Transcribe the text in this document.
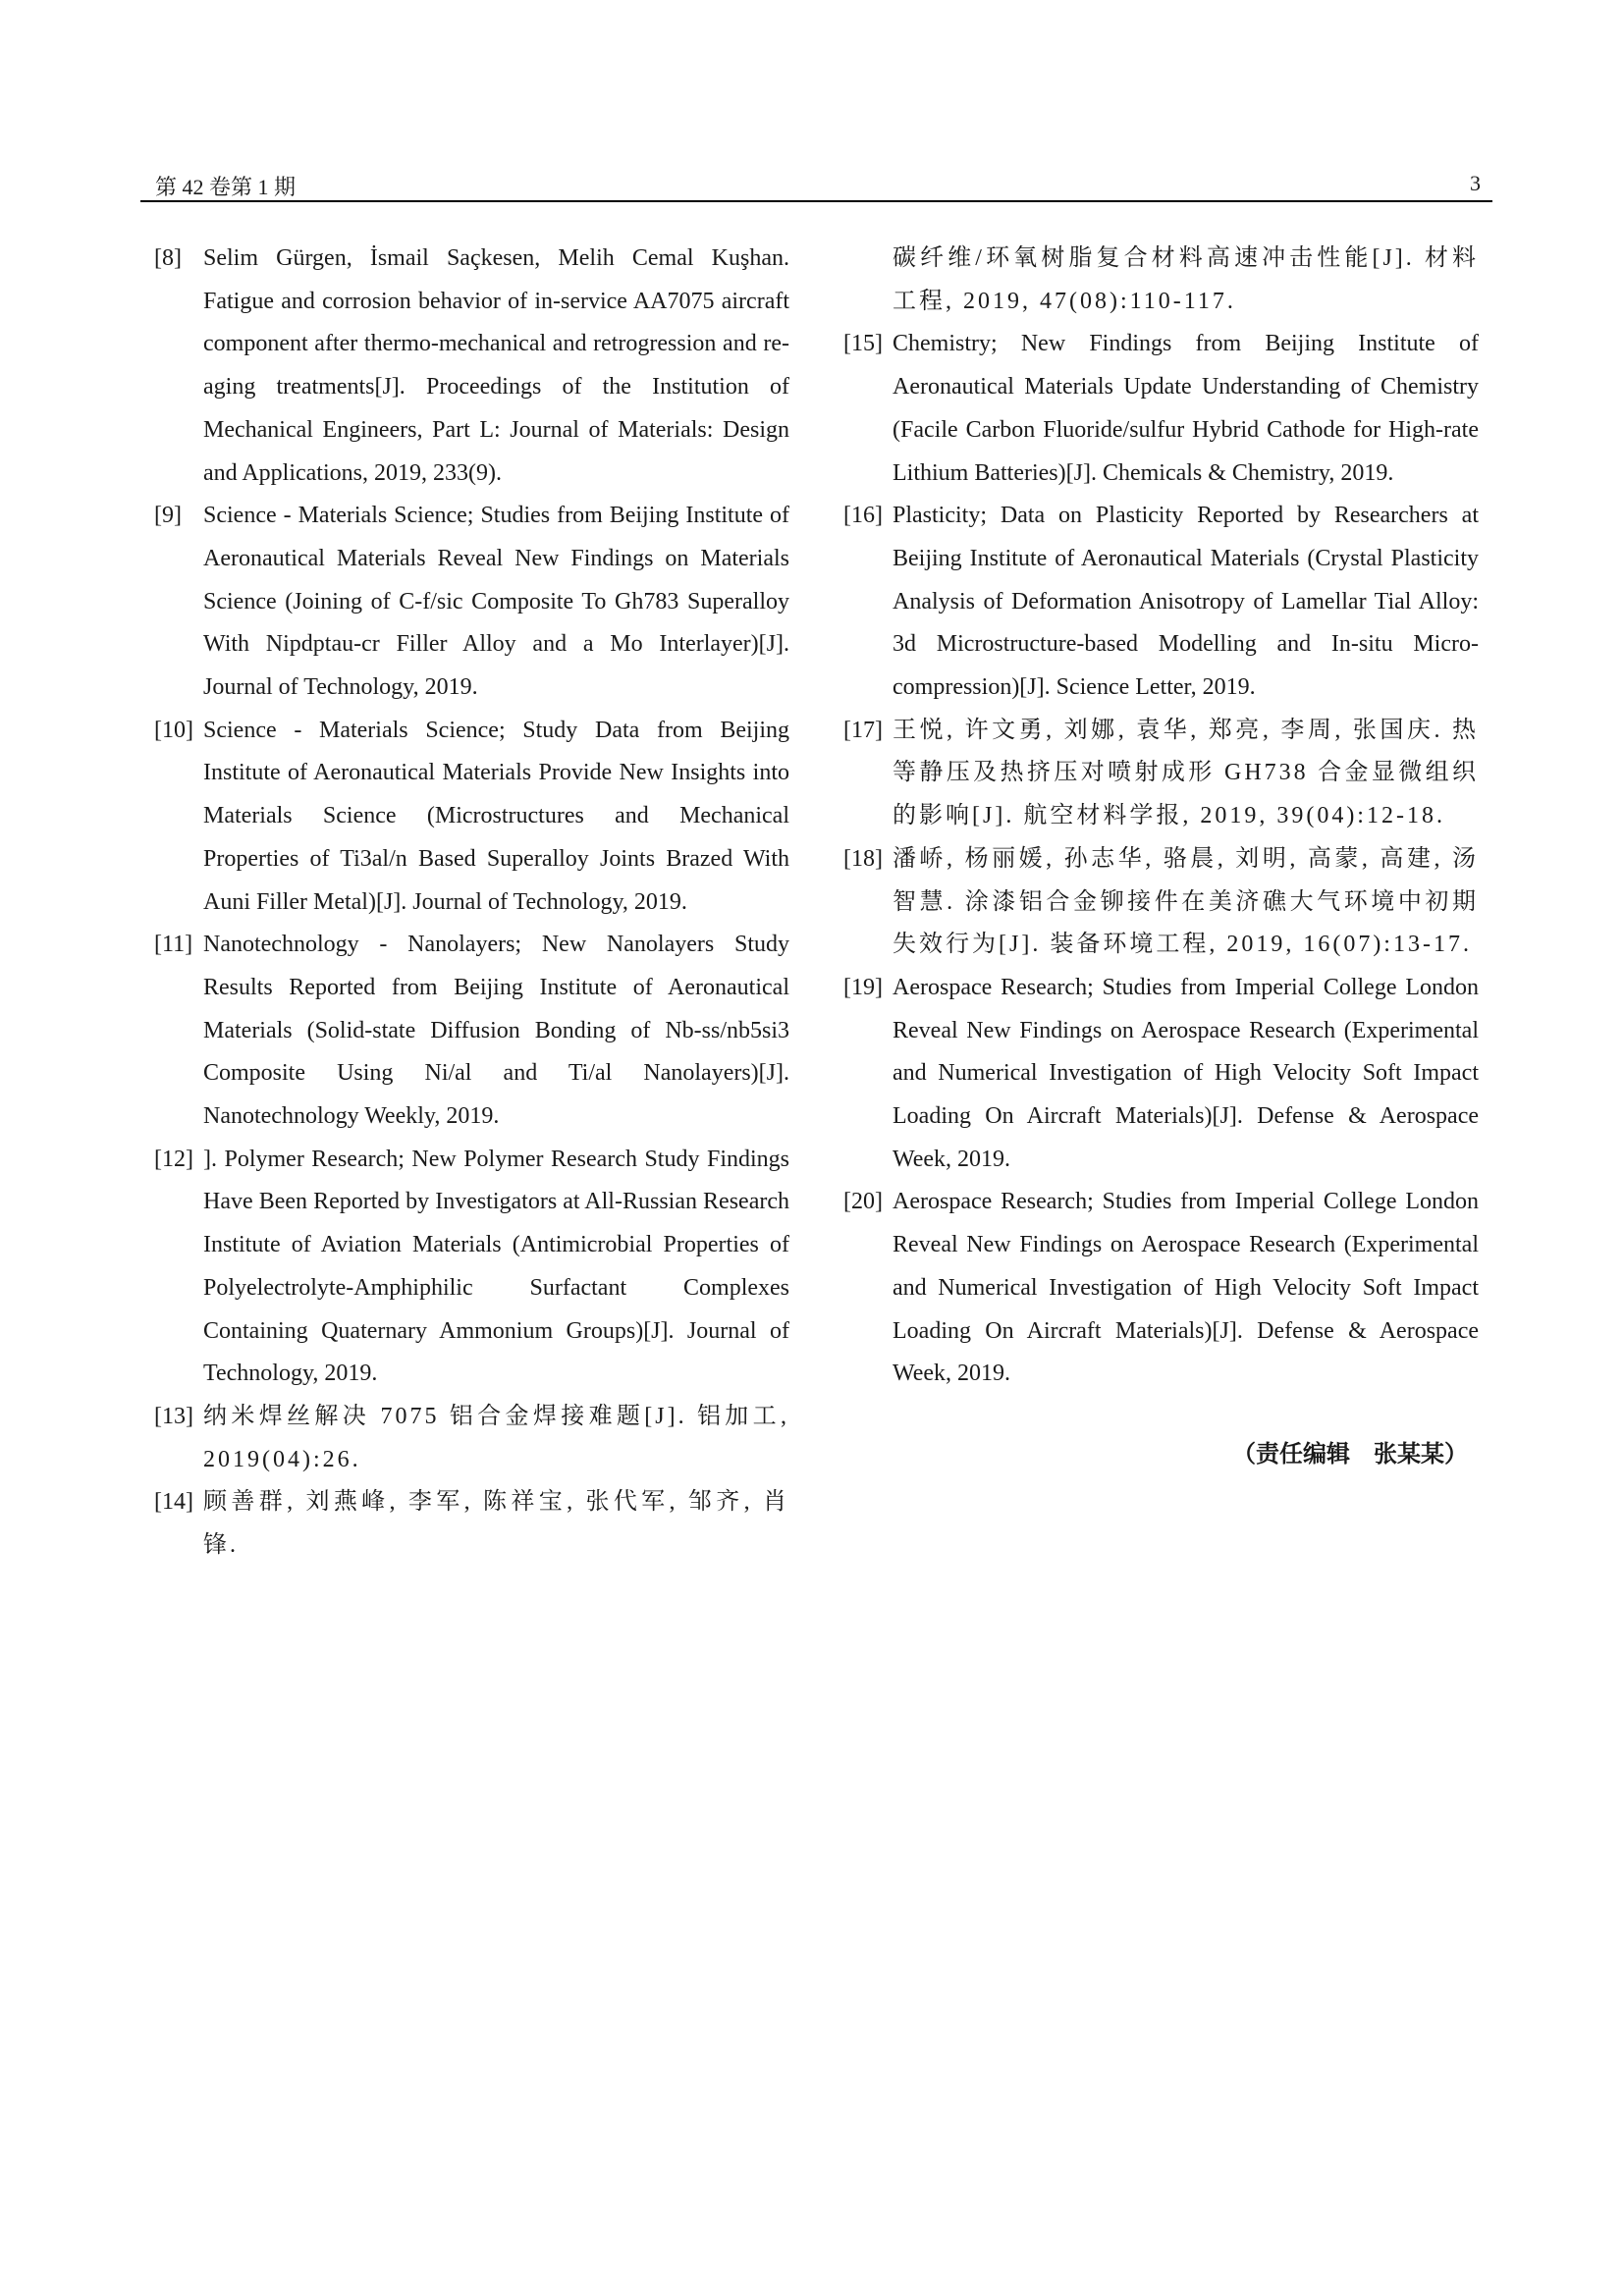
第 42 卷第 1 期	3
[8] Selim Gürgen, İsmail Saçkesen, Melih Cemal Kuşhan. Fatigue and corrosion behavior of in-service AA7075 aircraft component after thermo-mechanical and retrogression and re-aging treatments[J]. Proceedings of the Institution of Mechanical Engineers, Part L: Journal of Materials: Design and Applications, 2019, 233(9).
[9] Science - Materials Science; Studies from Beijing Institute of Aeronautical Materials Reveal New Findings on Materials Science (Joining of C-f/sic Composite To Gh783 Superalloy With Nipdptau-cr Filler Alloy and a Mo Interlayer)[J]. Journal of Technology, 2019.
[10] Science - Materials Science; Study Data from Beijing Institute of Aeronautical Materials Provide New Insights into Materials Science (Microstructures and Mechanical Properties of Ti3al/n Based Superalloy Joints Brazed With Auni Filler Metal)[J]. Journal of Technology, 2019.
[11] Nanotechnology - Nanolayers; New Nanolayers Study Results Reported from Beijing Institute of Aeronautical Materials (Solid-state Diffusion Bonding of Nb-ss/nb5si3 Composite Using Ni/al and Ti/al Nanolayers)[J]. Nanotechnology Weekly, 2019.
[12] ]. Polymer Research; New Polymer Research Study Findings Have Been Reported by Investigators at All-Russian Research Institute of Aviation Materials (Antimicrobial Properties of Polyelectrolyte-Amphiphilic Surfactant Complexes Containing Quaternary Ammonium Groups)[J]. Journal of Technology, 2019.
[13] 纳米焊丝解决 7075 铝合金焊接难题[J]. 铝加工, 2019(04):26.
[14] 顾善群, 刘燕峰, 李军, 陈祥宝, 张代军, 邹齐, 肖锋.
碳纤维/环氧树脂复合材料高速冲击性能[J]. 材料工程, 2019, 47(08):110-117.
[15] Chemistry; New Findings from Beijing Institute of Aeronautical Materials Update Understanding of Chemistry (Facile Carbon Fluoride/sulfur Hybrid Cathode for High-rate Lithium Batteries)[J]. Chemicals & Chemistry, 2019.
[16] Plasticity; Data on Plasticity Reported by Researchers at Beijing Institute of Aeronautical Materials (Crystal Plasticity Analysis of Deformation Anisotropy of Lamellar Tial Alloy: 3d Microstructure-based Modelling and In-situ Micro-compression)[J]. Science Letter, 2019.
[17] 王悦, 许文勇, 刘娜, 袁华, 郑亮, 李周, 张国庆. 热等静压及热挤压对喷射成形 GH738 合金显微组织的影响[J]. 航空材料学报, 2019, 39(04):12-18.
[18] 潘峤, 杨丽媛, 孙志华, 骆晨, 刘明, 高蒙, 高建, 汤智慧. 涂漆铝合金铆接件在美济礁大气环境中初期失效行为[J]. 装备环境工程, 2019, 16(07):13-17.
[19] Aerospace Research; Studies from Imperial College London Reveal New Findings on Aerospace Research (Experimental and Numerical Investigation of High Velocity Soft Impact Loading On Aircraft Materials)[J]. Defense & Aerospace Week, 2019.
[20] Aerospace Research; Studies from Imperial College London Reveal New Findings on Aerospace Research (Experimental and Numerical Investigation of High Velocity Soft Impact Loading On Aircraft Materials)[J]. Defense & Aerospace Week, 2019.
（责任编辑　张某某）
